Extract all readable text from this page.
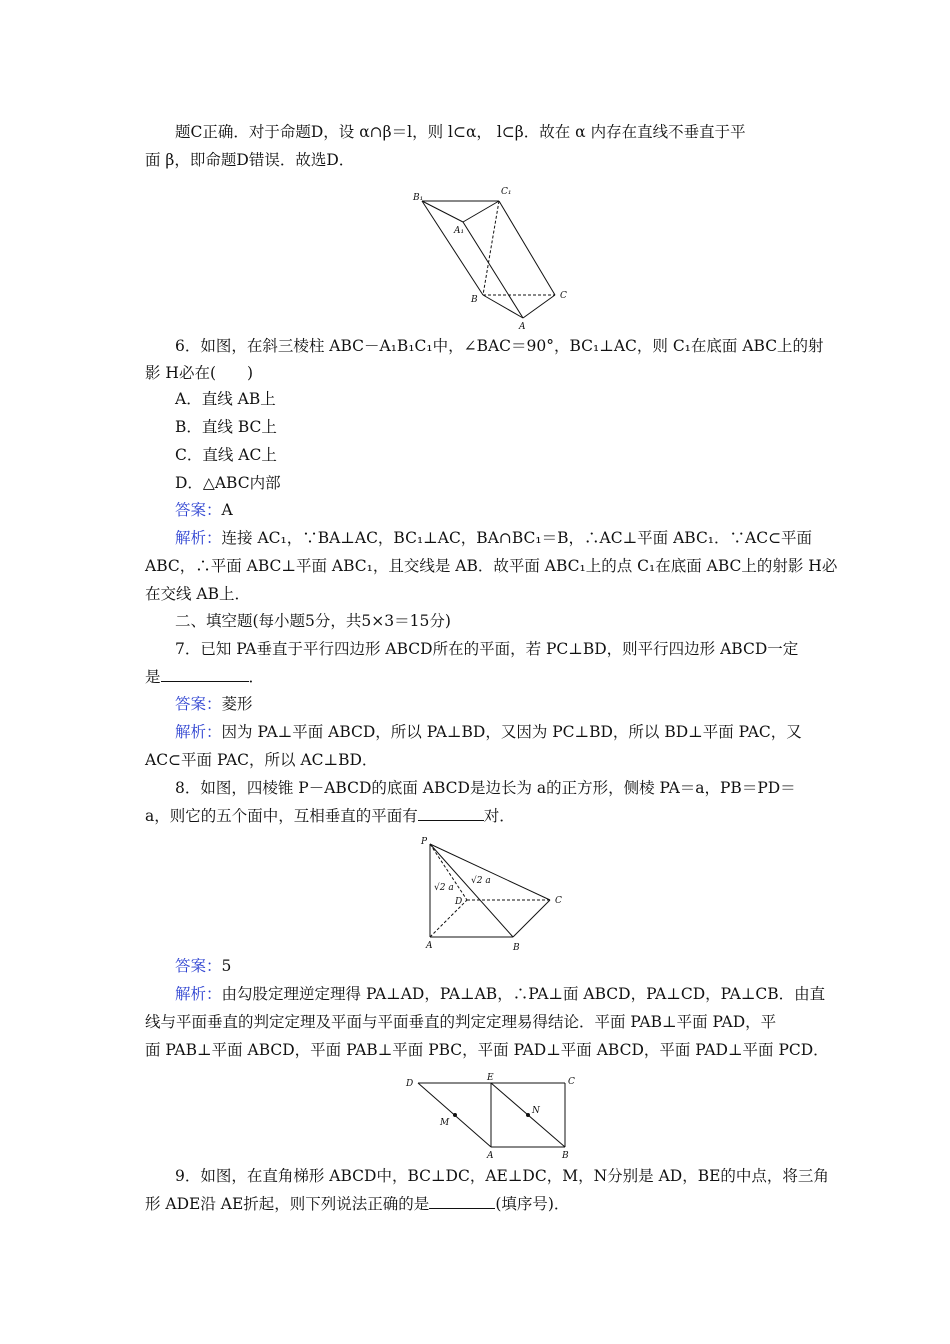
题C正确．对于命题D，设 α∩β＝l，则 l⊂α， l⊂β．故在 α 内存在直线不垂直于平
面 β，即命题D错误．故选D．
B₁
C₁
A₁
B	C
A
6．如图，在斜三棱柱 ABC－A₁B₁C₁中，∠BAC＝90°，BC₁⊥AC，则 C₁在底面 ABC上的射
影 H必在(　　)
A．直线 AB上
B．直线 BC上
C．直线 AC上
D．△ABC内部
答案：A
解析：连接 AC₁，∵BA⊥AC，BC₁⊥AC，BA∩BC₁＝B，∴AC⊥平面 ABC₁．∵AC⊂平面
ABC，∴平面 ABC⊥平面 ABC₁，且交线是 AB．故平面 ABC₁上的点 C₁在底面 ABC上的射影 H必
在交线 AB上．
二、填空题(每小题5分，共5×3＝15分)
7．已知 PA垂直于平行四边形 ABCD所在的平面，若 PC⊥BD，则平行四边形 ABCD一定
是	．
答案：菱形
解析：因为 PA⊥平面 ABCD，所以 PA⊥BD，又因为 PC⊥BD，所以 BD⊥平面 PAC，又
AC⊂平面 PAC，所以 AC⊥BD．
8．如图，四棱锥 P－ABCD的底面 ABCD是边长为 a的正方形，侧棱 PA＝a，PB＝PD＝
a，则它的五个面中，互相垂直的平面有	对．
P
√2 a
√2 a
D	C
A	B
答案：5
解析：由勾股定理逆定理得 PA⊥AD，PA⊥AB，∴PA⊥面 ABCD，PA⊥CD，PA⊥CB．由直
线与平面垂直的判定定理及平面与平面垂直的判定定理易得结论．平面 PAB⊥平面 PAD，平
面 PAB⊥平面 ABCD，平面 PAB⊥平面 PBC，平面 PAD⊥平面 ABCD，平面 PAD⊥平面 PCD．
D
E	C
M
N
A	B
9．如图，在直角梯形 ABCD中，BC⊥DC，AE⊥DC，M，N分别是 AD，BE的中点，将三角
形 ADE沿 AE折起，则下列说法正确的是	(填序号)．
